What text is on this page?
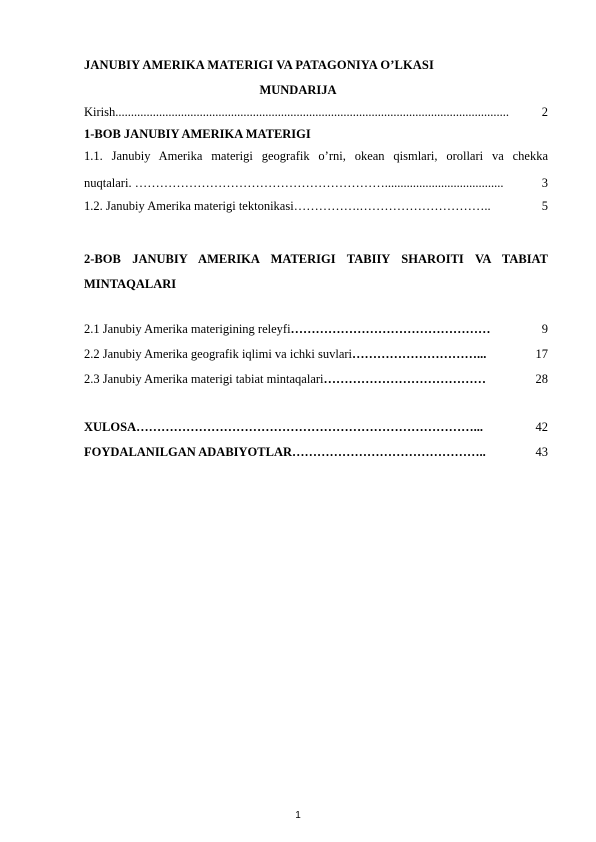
JANUBIY AMERIKA MATERIGI VA PATAGONIYA O’LKASI
MUNDARIJA
Kirish ..............................................................................................................................	2
1-BOB JANUBIY AMERIKA MATERIGI
1.1. Janubiy Amerika materigi geografik o’rni, okean qismlari, orollari va chekka
nuqtalari . ……………………………………………………......................................	3
1.2. Janubiy Amerika materigi tektonikasi …………….…………………………..	5
2-BOB JANUBIY AMERIKA MATERIGI TABIIY SHAROITI VA TABIAT
MINTAQALARI
2.1 Janubiy Amerika materigining releyfi …………………………………………	9
2.2 Janubiy Amerika geografik iqlimi va ichki suvlari …………………………...	17
2.3 Janubiy Amerika materigi tabiat mintaqalari …………………………………	28
XULOSA ………………………………………………………………………...	42
FOYDALANILGAN ADABIYOTLAR ………………………………………..	43
1
